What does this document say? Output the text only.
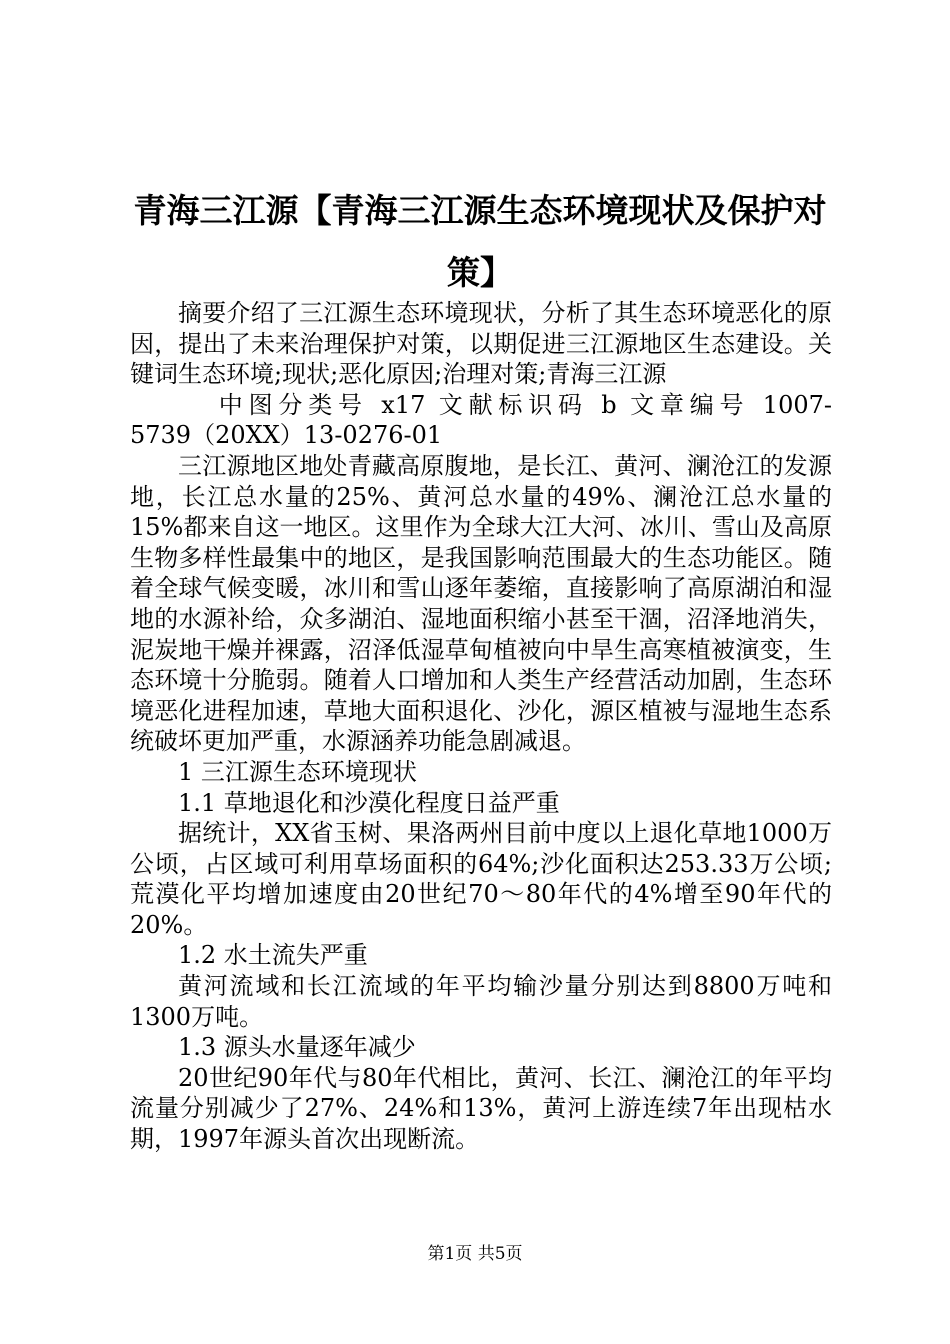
青海三江源【青海三江源生态环境现状及保护对策】

摘要介绍了三江源生态环境现状，分析了其生态环境恶化的原因，提出了未来治理保护对策，以期促进三江源地区生态建设。关键词生态环境;现状;恶化原因;治理对策;青海三江源

中图分类号 x17 文献标识码 b 文章编号 1007-

5739（20XX）13-0276-01

三江源地区地处青藏高原腹地，是长江、黄河、澜沧江的发源地，长江总水量的25%、黄河总水量的49%、澜沧江总水量的15%都来自这一地区。这里作为全球大江大河、冰川、雪山及高原生物多样性最集中的地区，是我国影响范围最大的生态功能区。随着全球气候变暖，冰川和雪山逐年萎缩，直接影响了高原湖泊和湿地的水源补给，众多湖泊、湿地面积缩小甚至干涸，沼泽地消失，泥炭地干燥并裸露，沼泽低湿草甸植被向中旱生高寒植被演变，生态环境十分脆弱。随着人口增加和人类生产经营活动加剧，生态环境恶化进程加速，草地大面积退化、沙化，源区植被与湿地生态系统破坏更加严重，水源涵养功能急剧减退。

1 三江源生态环境现状

1.1 草地退化和沙漠化程度日益严重

据统计，XX省玉树、果洛两州目前中度以上退化草地1000万公顷，占区域可利用草场面积的64%;沙化面积达253.33万公顷;荒漠化平均增加速度由20世纪70～80年代的4%增至90年代的20%。

1.2 水土流失严重

黄河流域和长江流域的年平均输沙量分别达到8800万吨和1300万吨。

1.3 源头水量逐年减少

20世纪90年代与80年代相比，黄河、长江、澜沧江的年平均流量分别减少了27%、24%和13%，黄河上游连续7年出现枯水期，1997年源头首次出现断流。

第1页 共5页
